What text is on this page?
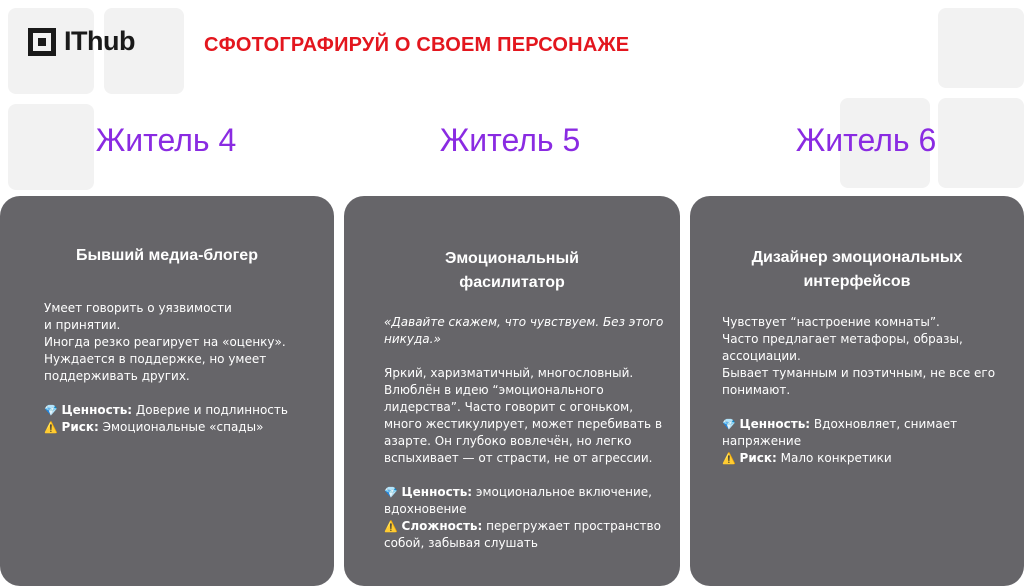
IThub	СФОТОГРАФИРУЙ О СВОЕМ ПЕРСОНАЖЕ
Житель 4	Житель 5	Житель 6
Бывший медиа-блогер

Умеет говорить о уязвимости

и принятии.

Иногда резко реагирует на «оценку».

Нуждается в поддержке, но умеет

поддерживать других.

💎 Ценность: Доверие и подлинность

⚠️ Риск: Эмоциональные «спады»

Эмоциональный фасилитатор

«Давайте скажем, что чувствуем. Без этого никуда.»

Яркий, харизматичный, многословный. Влюблён в идею “эмоционального лидерства”. Часто говорит с огоньком, много жестикулирует, может перебивать в азарте. Он глубоко вовлечён, но легко вспыхивает — от страсти, не от агрессии.

💎 Ценность: эмоциональное включение, вдохновение

⚠️ Сложность: перегружает пространство собой, забывая слушать

Дизайнер эмоциональных интерфейсов

Чувствует “настроение комнаты”.

Часто предлагает метафоры, образы,

ассоциации.

Бывает туманным и поэтичным, не все его

понимают.

💎 Ценность: Вдохновляет, снимает напряжение

⚠️ Риск: Мало конкретики
